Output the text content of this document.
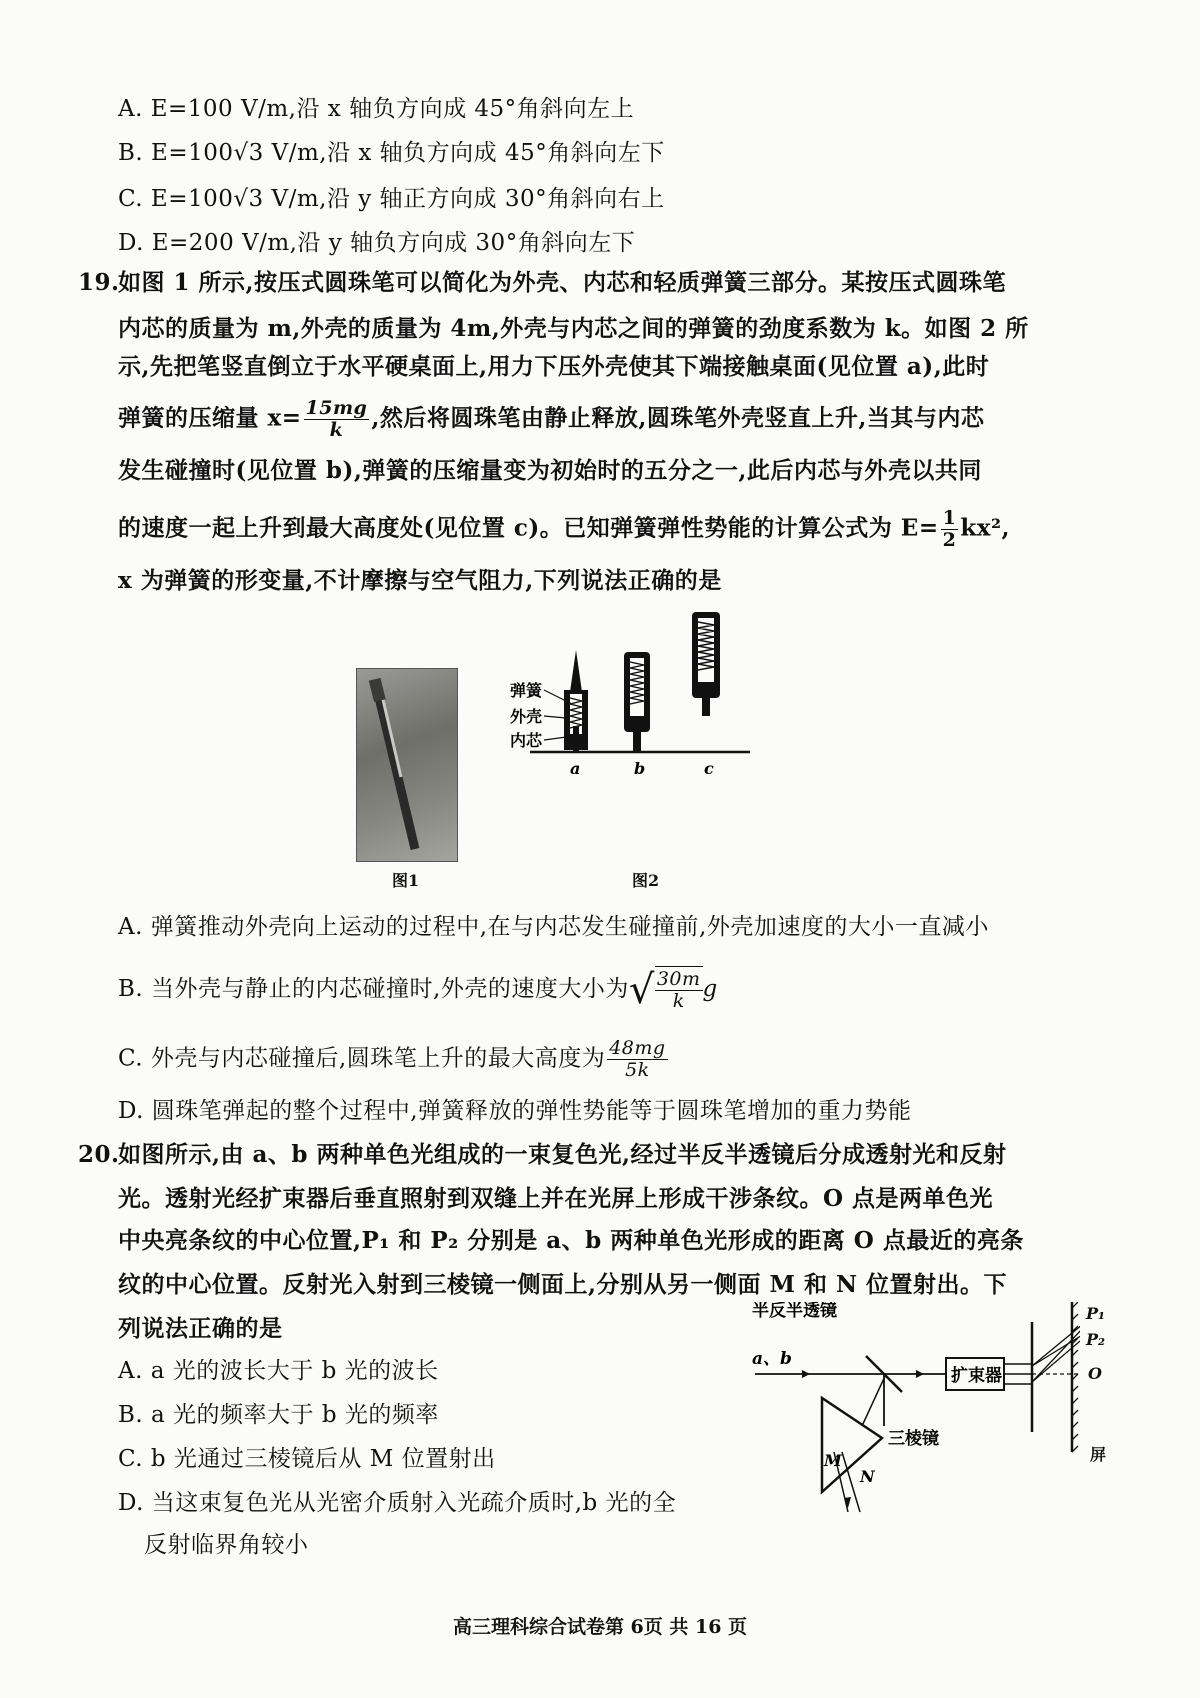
A. E=100 V/m,沿 x 轴负方向成 45°角斜向左上
B. E=100√3 V/m,沿 x 轴负方向成 45°角斜向左下
C. E=100√3 V/m,沿 y 轴正方向成 30°角斜向右上
D. E=200 V/m,沿 y 轴负方向成 30°角斜向左下
19.
如图 1 所示,按压式圆珠笔可以简化为外壳、内芯和轻质弹簧三部分。某按压式圆珠笔
内芯的质量为 m,外壳的质量为 4m,外壳与内芯之间的弹簧的劲度系数为 k。如图 2 所
示,先把笔竖直倒立于水平硬桌面上,用力下压外壳使其下端接触桌面(见位置 a),此时
弹簧的压缩量 $x= \frac{15mg}{k}$ ,然后将圆珠笔由静止释放,圆珠笔外壳竖直上升,当其与内芯
发生碰撞时(见位置 b),弹簧的压缩量变为初始时的五分之一,此后内芯与外壳以共同
的速度一起上升到最大高度处(见位置 c)。已知弹簧弹性势能的计算公式为 $E= \frac{1}{2} kx^2$,
x 为弹簧的形变量,不计摩擦与空气阻力,下列说法正确的是
图1
弹簧
外壳
内芯
a	b	c
图2
A. 弹簧推动外壳向上运动的过程中,在与内芯发生碰撞前,外壳加速度的大小一直减小
B. 当外壳与静止的内芯碰撞时,外壳的速度大小为 √ $\frac{30m}{k}$ g
C. 外壳与内芯碰撞后,圆珠笔上升的最大高度为 $\frac{48mg}{5k}$
D. 圆珠笔弹起的整个过程中,弹簧释放的弹性势能等于圆珠笔增加的重力势能
20.
如图所示,由 a、b 两种单色光组成的一束复色光,经过半反半透镜后分成透射光和反射
光。透射光经扩束器后垂直照射到双缝上并在光屏上形成干涉条纹。O 点是两单色光
中央亮条纹的中心位置,P₁ 和 P₂ 分别是 a、b 两种单色光形成的距离 O 点最近的亮条
纹的中心位置。反射光入射到三棱镜一侧面上,分别从另一侧面 M 和 N 位置射出。下
列说法正确的是
A. a 光的波长大于 b 光的波长
B. a 光的频率大于 b 光的频率
C. b 光通过三棱镜后从 M 位置射出
D. 当这束复色光从光密介质射入光疏介质时,b 光的全
反射临界角较小
半反半透镜
a、b
扩束器
三棱镜
M
N
P₁
P₂
O
屏
高三理科综合试卷第 6页 共 16 页
